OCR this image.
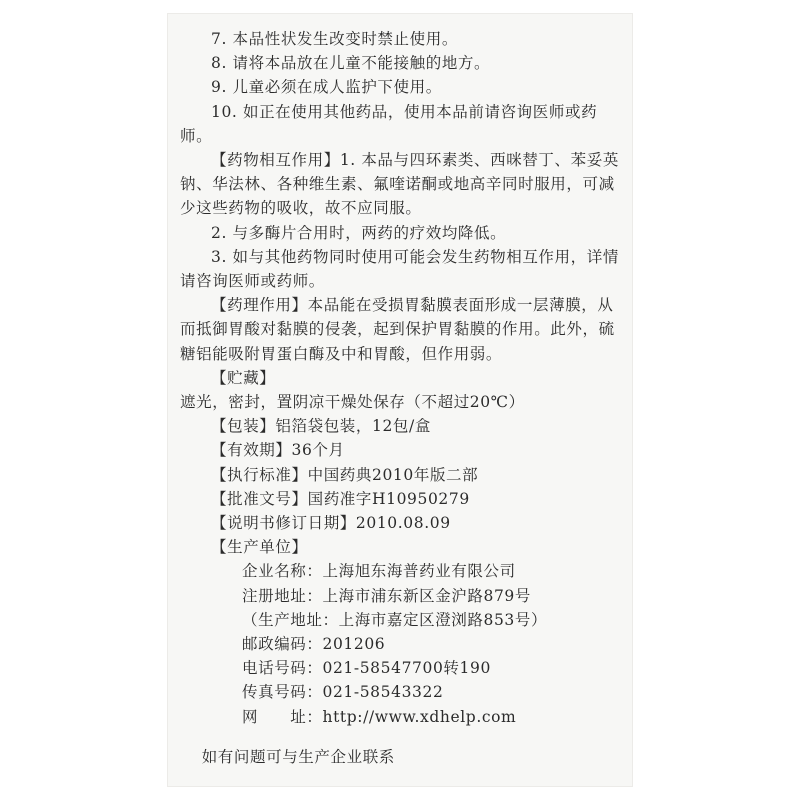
7. 本品性状发生改变时禁止使用。

8. 请将本品放在儿童不能接触的地方。

9. 儿童必须在成人监护下使用。

10. 如正在使用其他药品，使用本品前请咨询医师或药师。

【药物相互作用】1. 本品与四环素类、西咪替丁、苯妥英钠、华法林、各种维生素、氟喹诺酮或地高辛同时服用，可减少这些药物的吸收，故不应同服。

2. 与多酶片合用时，两药的疗效均降低。

3. 如与其他药物同时使用可能会发生药物相互作用，详情请咨询医师或药师。

【药理作用】本品能在受损胃黏膜表面形成一层薄膜，从而抵御胃酸对黏膜的侵袭，起到保护胃黏膜的作用。此外，硫糖铝能吸附胃蛋白酶及中和胃酸，但作用弱。

【贮藏】遮光，密封，置阴凉干燥处保存（不超过20℃）

【包装】铝箔袋包装，12包/盒

【有效期】36个月

【执行标准】中国药典2010年版二部

【批准文号】国药准字H10950279

【说明书修订日期】2010.08.09

【生产单位】

企业名称：上海旭东海普药业有限公司

注册地址：上海市浦东新区金沪路879号

（生产地址：上海市嘉定区澄浏路853号）

邮政编码：201206

电话号码：021-58547700转190

传真号码：021-58543322

网　　址：http://www.xdhelp.com

如有问题可与生产企业联系
